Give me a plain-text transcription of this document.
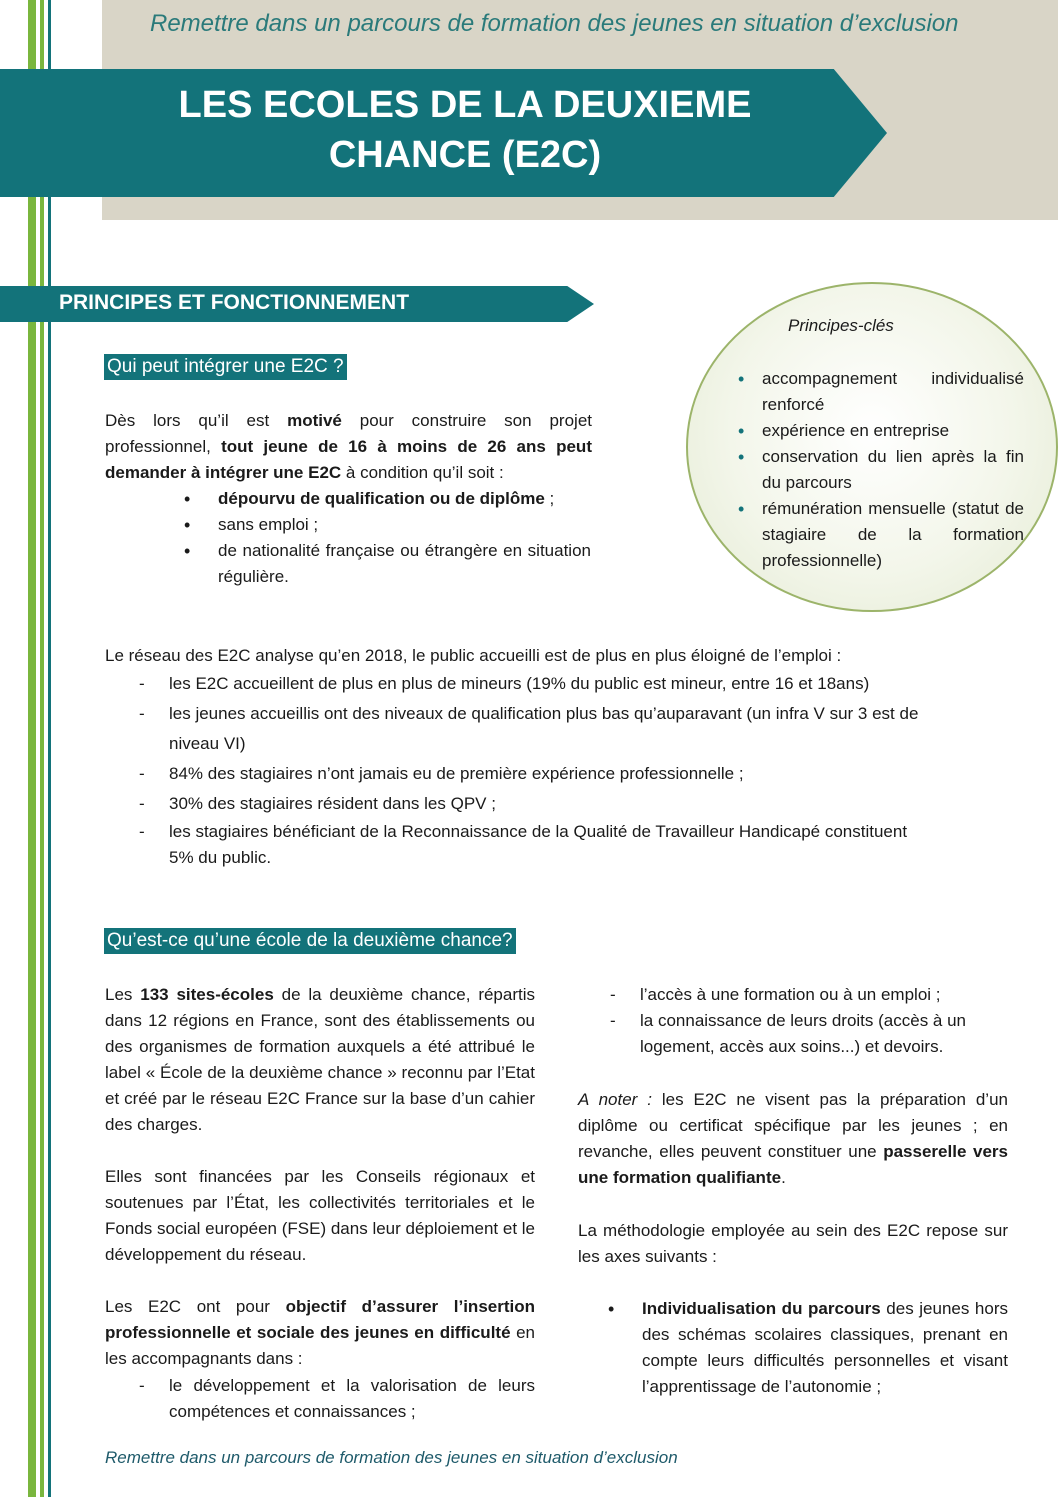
Remettre dans un parcours de formation des jeunes en situation d’exclusion
LES ECOLES DE LA DEUXIEME
CHANCE (E2C)
PRINCIPES ET FONCTIONNEMENT
Qui peut intégrer une E2C ?
Dès lors qu’il est motivé pour construire son projet professionnel, tout jeune de 16 à moins de 26 ans peut demander à intégrer une E2C à condition qu’il soit :
• dépourvu de qualification ou de diplôme ;
• sans emploi ;
• de nationalité française ou étrangère en situation régulière.
Principes-clés
• accompagnement individualisé renforcé
• expérience en entreprise
• conservation du lien après la fin du parcours
• rémunération mensuelle (statut de stagiaire de la formation professionnelle)
Le réseau des E2C analyse qu’en 2018, le public accueilli est de plus en plus éloigné de l’emploi :
- les E2C accueillent de plus en plus de mineurs (19% du public est mineur, entre 16 et 18ans)
- les jeunes accueillis ont des niveaux de qualification plus bas qu’auparavant (un infra V sur 3 est de niveau VI)
- 84% des stagiaires n’ont jamais eu de première expérience professionnelle ;
- 30% des stagiaires résident dans les QPV ;
- les stagiaires bénéficiant de la Reconnaissance de la Qualité de Travailleur Handicapé constituent 5% du public.
Qu’est-ce qu’une école de la deuxième chance?
Les 133 sites-écoles de la deuxième chance, répartis dans 12 régions en France, sont des établissements ou des organismes de formation auxquels a été attribué le label « École de la deuxième chance » reconnu par l’Etat et créé par le réseau E2C France sur la base d’un cahier des charges.
Elles sont financées par les Conseils régionaux et soutenues par l’État, les collectivités territoriales et le Fonds social européen (FSE) dans leur déploiement et le développement du réseau.
Les E2C ont pour objectif d’assurer l’insertion professionnelle et sociale des jeunes en difficulté en les accompagnants dans :
- le développement et la valorisation de leurs compétences et connaissances ;
- l’accès à une formation ou à un emploi ;
- la connaissance de leurs droits (accès à un logement, accès aux soins...) et devoirs.
A noter : les E2C ne visent pas la préparation d’un diplôme ou certificat spécifique par les jeunes ; en revanche, elles peuvent constituer une passerelle vers une formation qualifiante.
La méthodologie employée au sein des E2C repose sur les axes suivants :
• Individualisation du parcours des jeunes hors des schémas scolaires classiques, prenant en compte leurs difficultés personnelles et visant l’apprentissage de l’autonomie ;
Remettre dans un parcours de formation des jeunes en situation d’exclusion
